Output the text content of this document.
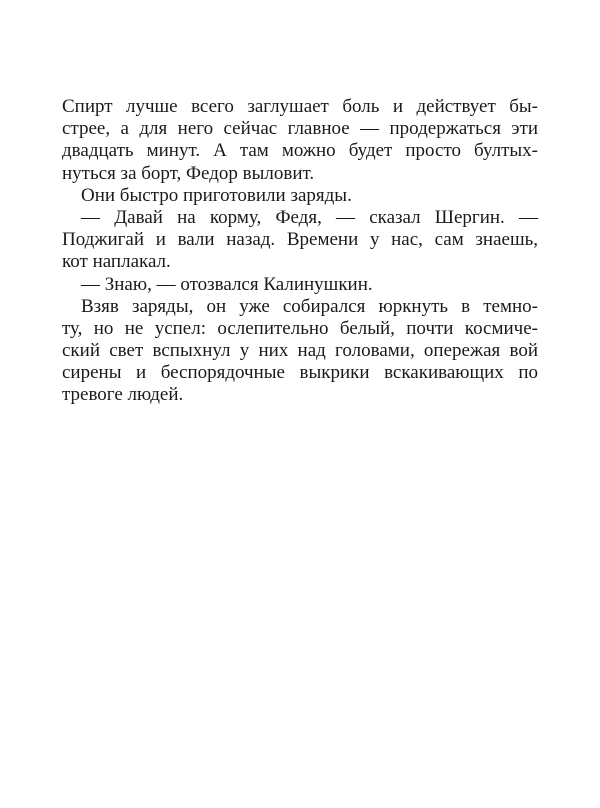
Спирт лучше всего заглушает боль и действует бы-
стрее, а для него сейчас главное — продержаться эти
двадцать минут. А там можно будет просто бултых-
нуться за борт, Федор выловит.
Они быстро приготовили заряды.
— Давай на корму, Федя, — сказал Шергин. —
Поджигай и вали назад. Времени у нас, сам знаешь,
кот наплакал.
— Знаю, — отозвался Калинушкин.
Взяв заряды, он уже собирался юркнуть в темно-
ту, но не успел: ослепительно белый, почти космиче-
ский свет вспыхнул у них над головами, опережая вой
сирены и беспорядочные выкрики вскакивающих по
тревоге людей.
